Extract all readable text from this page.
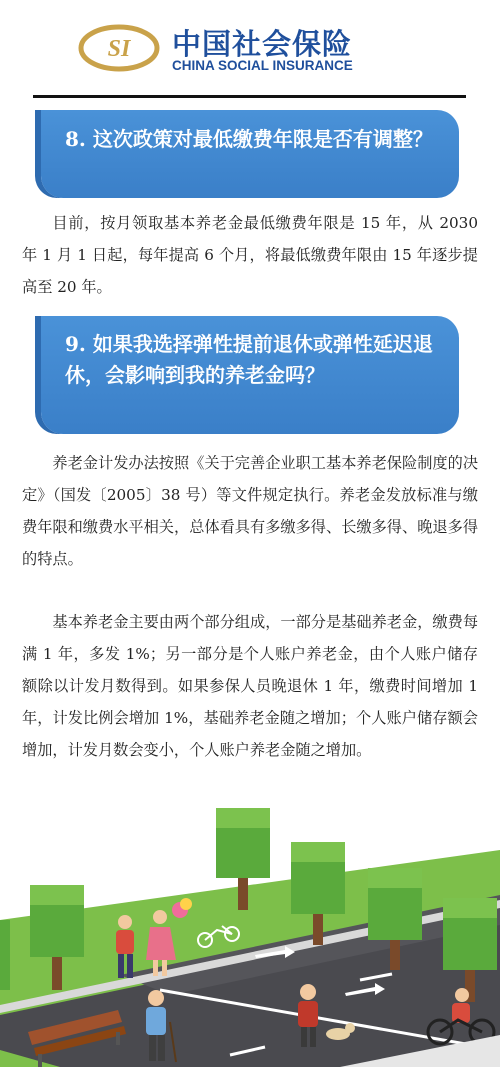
SI 中国社会保险
CHINA SOCIAL INSURANCE
8. 这次政策对最低缴费年限是否有调整？

目前，按月领取基本养老金最低缴费年限是 15 年，从 2030 年 1 月 1 日起，每年提高 6 个月，将最低缴费年限由 15 年逐步提高至 20 年。

9. 如果我选择弹性提前退休或弹性延迟退休，会影响到我的养老金吗？

养老金计发办法按照《关于完善企业职工基本养老保险制度的决定》（国发〔2005〕38 号）等文件规定执行。养老金发放标准与缴费年限和缴费水平相关，总体看具有多缴多得、长缴多得、晚退多得的特点。

基本养老金主要由两个部分组成，一部分是基础养老金，缴费每满 1 年，多发 1%；另一部分是个人账户养老金，由个人账户储存额除以计发月数得到。如果参保人员晚退休 1 年，缴费时间增加 1 年，计发比例会增加 1%，基础养老金随之增加；个人账户储存额会增加，计发月数会变小，个人账户养老金随之增加。
